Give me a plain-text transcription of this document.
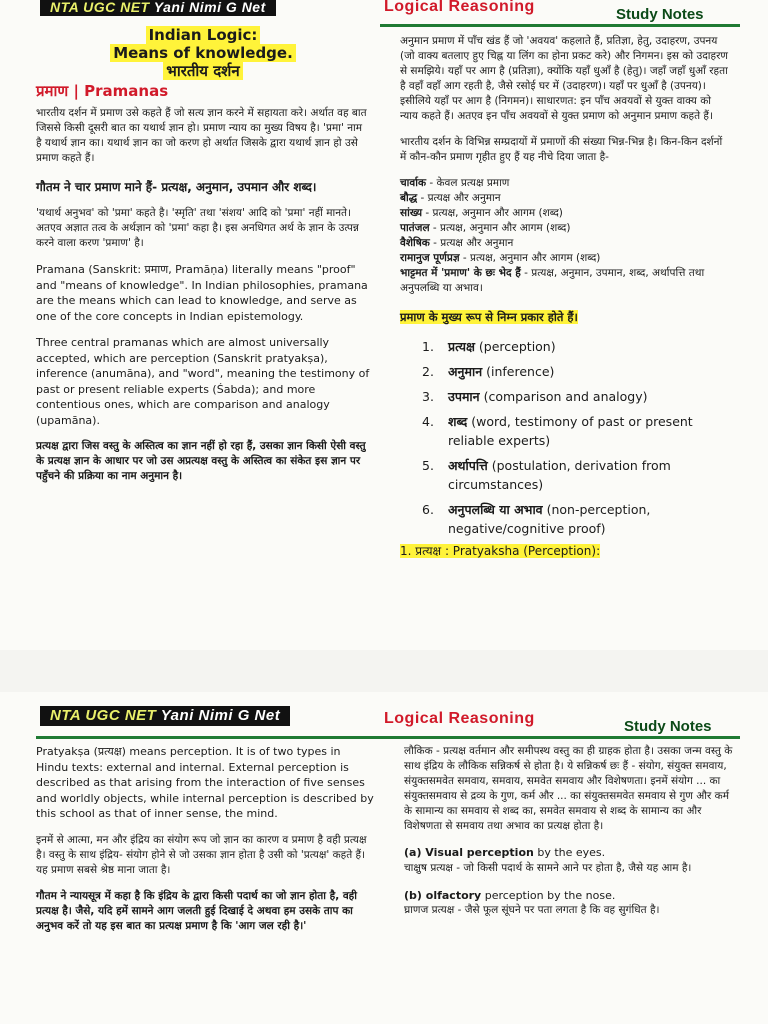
NTA UGC NET Yani Nimi G Net	Logical Reasoning	Study Notes
Indian Logic:
Means of knowledge.
भारतीय दर्शन
प्रमाण | Pramanas

भारतीय दर्शन में प्रमाण उसे कहते हैं जो सत्य ज्ञान करने में सहायता करे। अर्थात वह बात जिससे किसी दूसरी बात का यथार्थ ज्ञान हो। प्रमाण न्याय का मुख्य विषय है। 'प्रमा' नाम है यथार्थ ज्ञान का। यथार्थ ज्ञान का जो करण हो अर्थात जिसके द्वारा यथार्थ ज्ञान हो उसे प्रमाण कहते हैं।

गौतम ने चार प्रमाण माने हैं- प्रत्यक्ष, अनुमान, उपमान और शब्द।

'यथार्थ अनुभव' को 'प्रमा' कहते है। 'स्मृति' तथा 'संशय' आदि को 'प्रमा' नहीं मानते। अतएव अज्ञात तत्व के अर्थज्ञान को 'प्रमा' कहा है। इस अनधिगत अर्थ के ज्ञान के उत्पन्न करने वाला करण 'प्रमाण' है।

Pramana (Sanskrit: प्रमाण, Pramāṇa) literally means "proof" and "means of knowledge". In Indian philosophies, pramana are the means which can lead to knowledge, and serve as one of the core concepts in Indian epistemology.

Three central pramanas which are almost universally accepted, which are perception (Sanskrit pratyakṣa), inference (anumāna), and "word", meaning the testimony of past or present reliable experts (Śabda); and more contentious ones, which are comparison and analogy (upamāna).

प्रत्यक्ष द्वारा जिस वस्तु के अस्तित्व का ज्ञान नहीं हो रहा हैं, उसका ज्ञान किसी ऐसी वस्तु के प्रत्यक्ष ज्ञान के आधार पर जो उस अप्रत्यक्ष वस्तु के अस्तित्व का संकेत इस ज्ञान पर पहुँचने की प्रक्रिया का नाम अनुमान है।

अनुमान प्रमाण में पाँच खंड हैं जो 'अवयव' कहलाते हैं, प्रतिज्ञा, हेतु, उदाहरण, उपनय (जो वाक्य बतलाए हुए चिह्न या लिंग का होना प्रकट करे) और निगमन। इस को उदाहरण से समझिये। यहाँ पर आग है (प्रतिज्ञा), क्योंकि यहाँ धुआँ है (हेतु)। जहाँ जहाँ धुआँ रहता है वहाँ वहाँ आग रहती है, जैसे रसोई घर में (उदाहरण)। यहाँ पर धुआँ है (उपनय)। इसीलिये यहाँ पर आग है (निगमन)। साधारणत: इन पाँच अवयवों से युक्त वाक्य को न्याय कहते हैं। अतएव इन पाँच अवयवों से युक्त प्रमाण को अनुमान प्रमाण कहते हैं।

भारतीय दर्शन के विभिन्न सम्प्रदायों में प्रमाणों की संख्या भिन्न-भिन्न है। किन-किन दर्शनों में कौन-कौन प्रमाण गृहीत हुए हैं यह नीचे दिया जाता है-

चार्वाक - केवल प्रत्यक्ष प्रमाण
बौद्ध - प्रत्यक्ष और अनुमान
सांख्य - प्रत्यक्ष, अनुमान और आगम (शब्द)
पातंजल - प्रत्यक्ष, अनुमान और आगम (शब्द)
वैशेषिक - प्रत्यक्ष और अनुमान
रामानुज पूर्णप्रज्ञ - प्रत्यक्ष, अनुमान और आगम (शब्द)
भाट्टमत में 'प्रमाण' के छः भेद हैं - प्रत्यक्ष, अनुमान, उपमान, शब्द, अर्थापत्ति तथा अनुपलब्धि या अभाव।

प्रमाण के मुख्य रूप से निम्न प्रकार होते हैं।

1.	प्रत्यक्ष (perception)
2.	अनुमान (inference)
3.	उपमान (comparison and analogy)
4.	शब्द (word, testimony of past or present reliable experts)
5.	अर्थापत्ति (postulation, derivation from circumstances)
6.	अनुपलब्धि या अभाव (non-perception, negative/cognitive proof)
1. प्रत्यक्ष : Pratyaksha (Perception):
NTA UGC NET Yani Nimi G Net	Logical Reasoning	Study Notes

Pratyakṣa (प्रत्यक्ष) means perception. It is of two types in Hindu texts: external and internal. External perception is described as that arising from the interaction of five senses and worldly objects, while internal perception is described by this school as that of inner sense, the mind.

इनमें से आत्मा, मन और इंद्रिय का संयोग रूप जो ज्ञान का कारण व प्रमाण है वही प्रत्यक्ष है। वस्तु के साथ इंद्रिय- संयोग होने से जो उसका ज्ञान होता है उसी को 'प्रत्यक्ष' कहते हैं। यह प्रमाण सबसे श्रेष्ठ माना जाता है।

गौतम ने न्यायसूत्र में कहा है कि इंद्रिय के द्वारा किसी पदार्थ का जो ज्ञान होता है, वही प्रत्यक्ष है। जैसे, यदि हमें सामने आग जलती हुई दिखाई दे अथवा हम उसके ताप का अनुभव करें तो यह इस बात का प्रत्यक्ष प्रमाण है कि 'आग जल रही है।'

लौकिक - प्रत्यक्ष वर्तमान और समीपस्थ वस्तु का ही ग्राहक होता है। उसका जन्म वस्तु के साथ इंद्रिय के लौकिक सन्निकर्ष से होता है। ये सन्निकर्ष छः हैं - संयोग, संयुक्त समवाय, संयुक्तसमवेत समवाय, समवाय, समवेत समवाय और विशेषणता। इनमें संयोग ... का संयुक्तसमवाय से द्रव्य के गुण, कर्म और ... का संयुक्तसमवेत समवाय से गुण और कर्म के सामान्य का समवाय से शब्द का, समवेत समवाय से शब्द के सामान्य का और विशेषणता से समवाय तथा अभाव का प्रत्यक्ष होता है।

(a) Visual perception by the eyes.
चाक्षुष प्रत्यक्ष - जो किसी पदार्थ के सामने आने पर होता है, जैसे यह आम है।
(b) olfactory perception by the nose.
घ्राणज प्रत्यक्ष - जैसे फूल सूंघने पर पता लगता है कि वह सुगंधित है।
